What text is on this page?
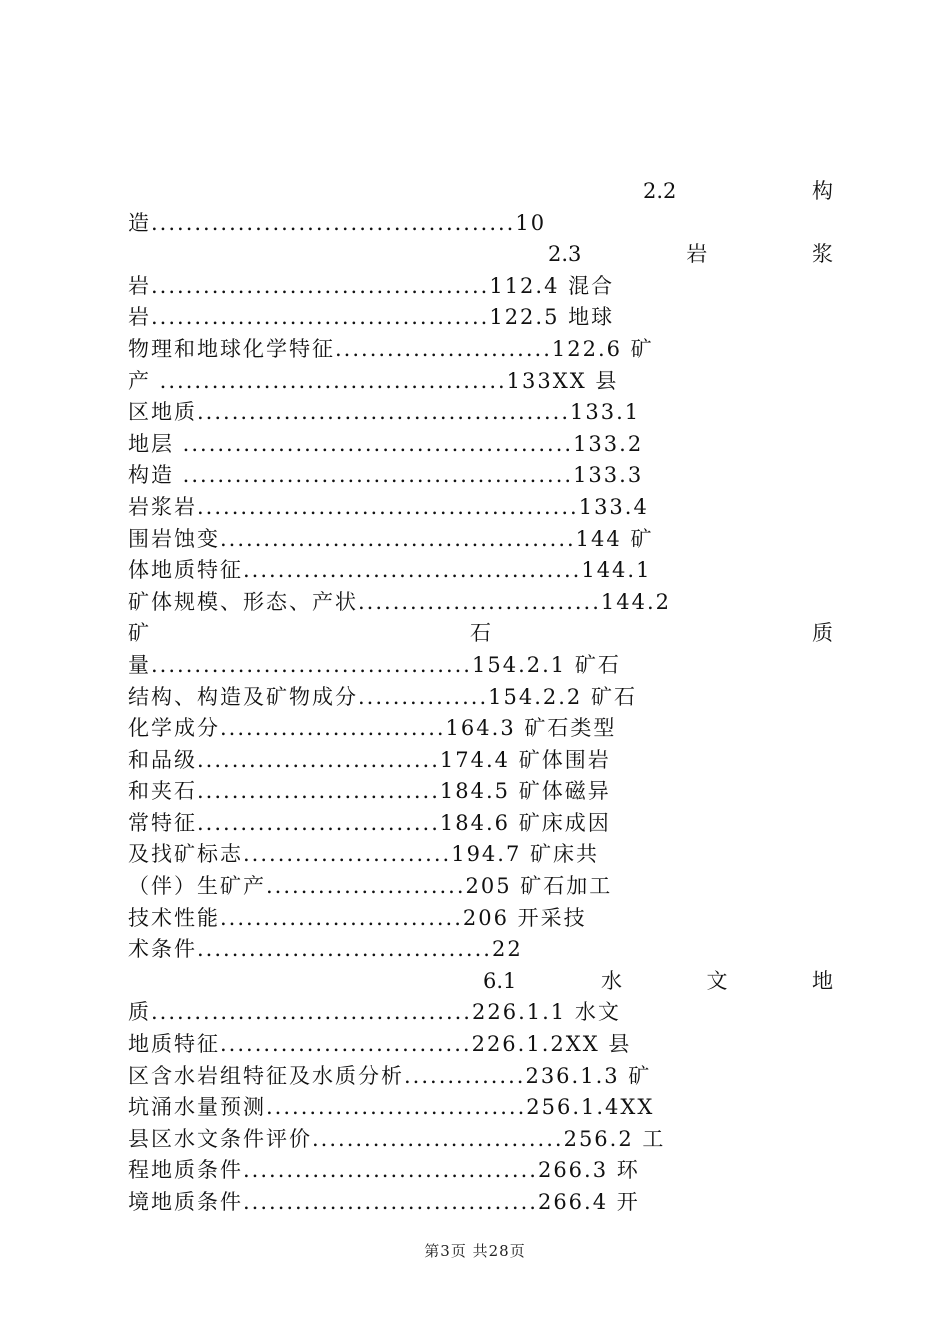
2.2	构
造..........................................10
2.3	岩	浆
岩.......................................112.4 混合
岩.......................................122.5 地球
物理和地球化学特征.........................122.6 矿
产 ........................................133XX 县
区地质...........................................133.1
地层 .............................................133.2
构造 .............................................133.3
岩浆岩............................................133.4
围岩蚀变.........................................144 矿
体地质特征.......................................144.1
矿体规模、形态、产状............................144.2
矿	石	质
量.....................................154.2.1 矿石
结构、构造及矿物成分...............154.2.2 矿石
化学成分..........................164.3 矿石类型
和品级............................174.4 矿体围岩
和夹石............................184.5 矿体磁异
常特征............................184.6 矿床成因
及找矿标志........................194.7 矿床共
（伴）生矿产.......................205 矿石加工
技术性能............................206 开采技
术条件..................................22
6.1	水	文	地
质.....................................226.1.1 水文
地质特征.............................226.1.2XX 县
区含水岩组特征及水质分析..............236.1.3 矿
坑涌水量预测..............................256.1.4XX
县区水文条件评价.............................256.2 工
程地质条件..................................266.3 环
境地质条件..................................266.4 开
第3页 共28页
